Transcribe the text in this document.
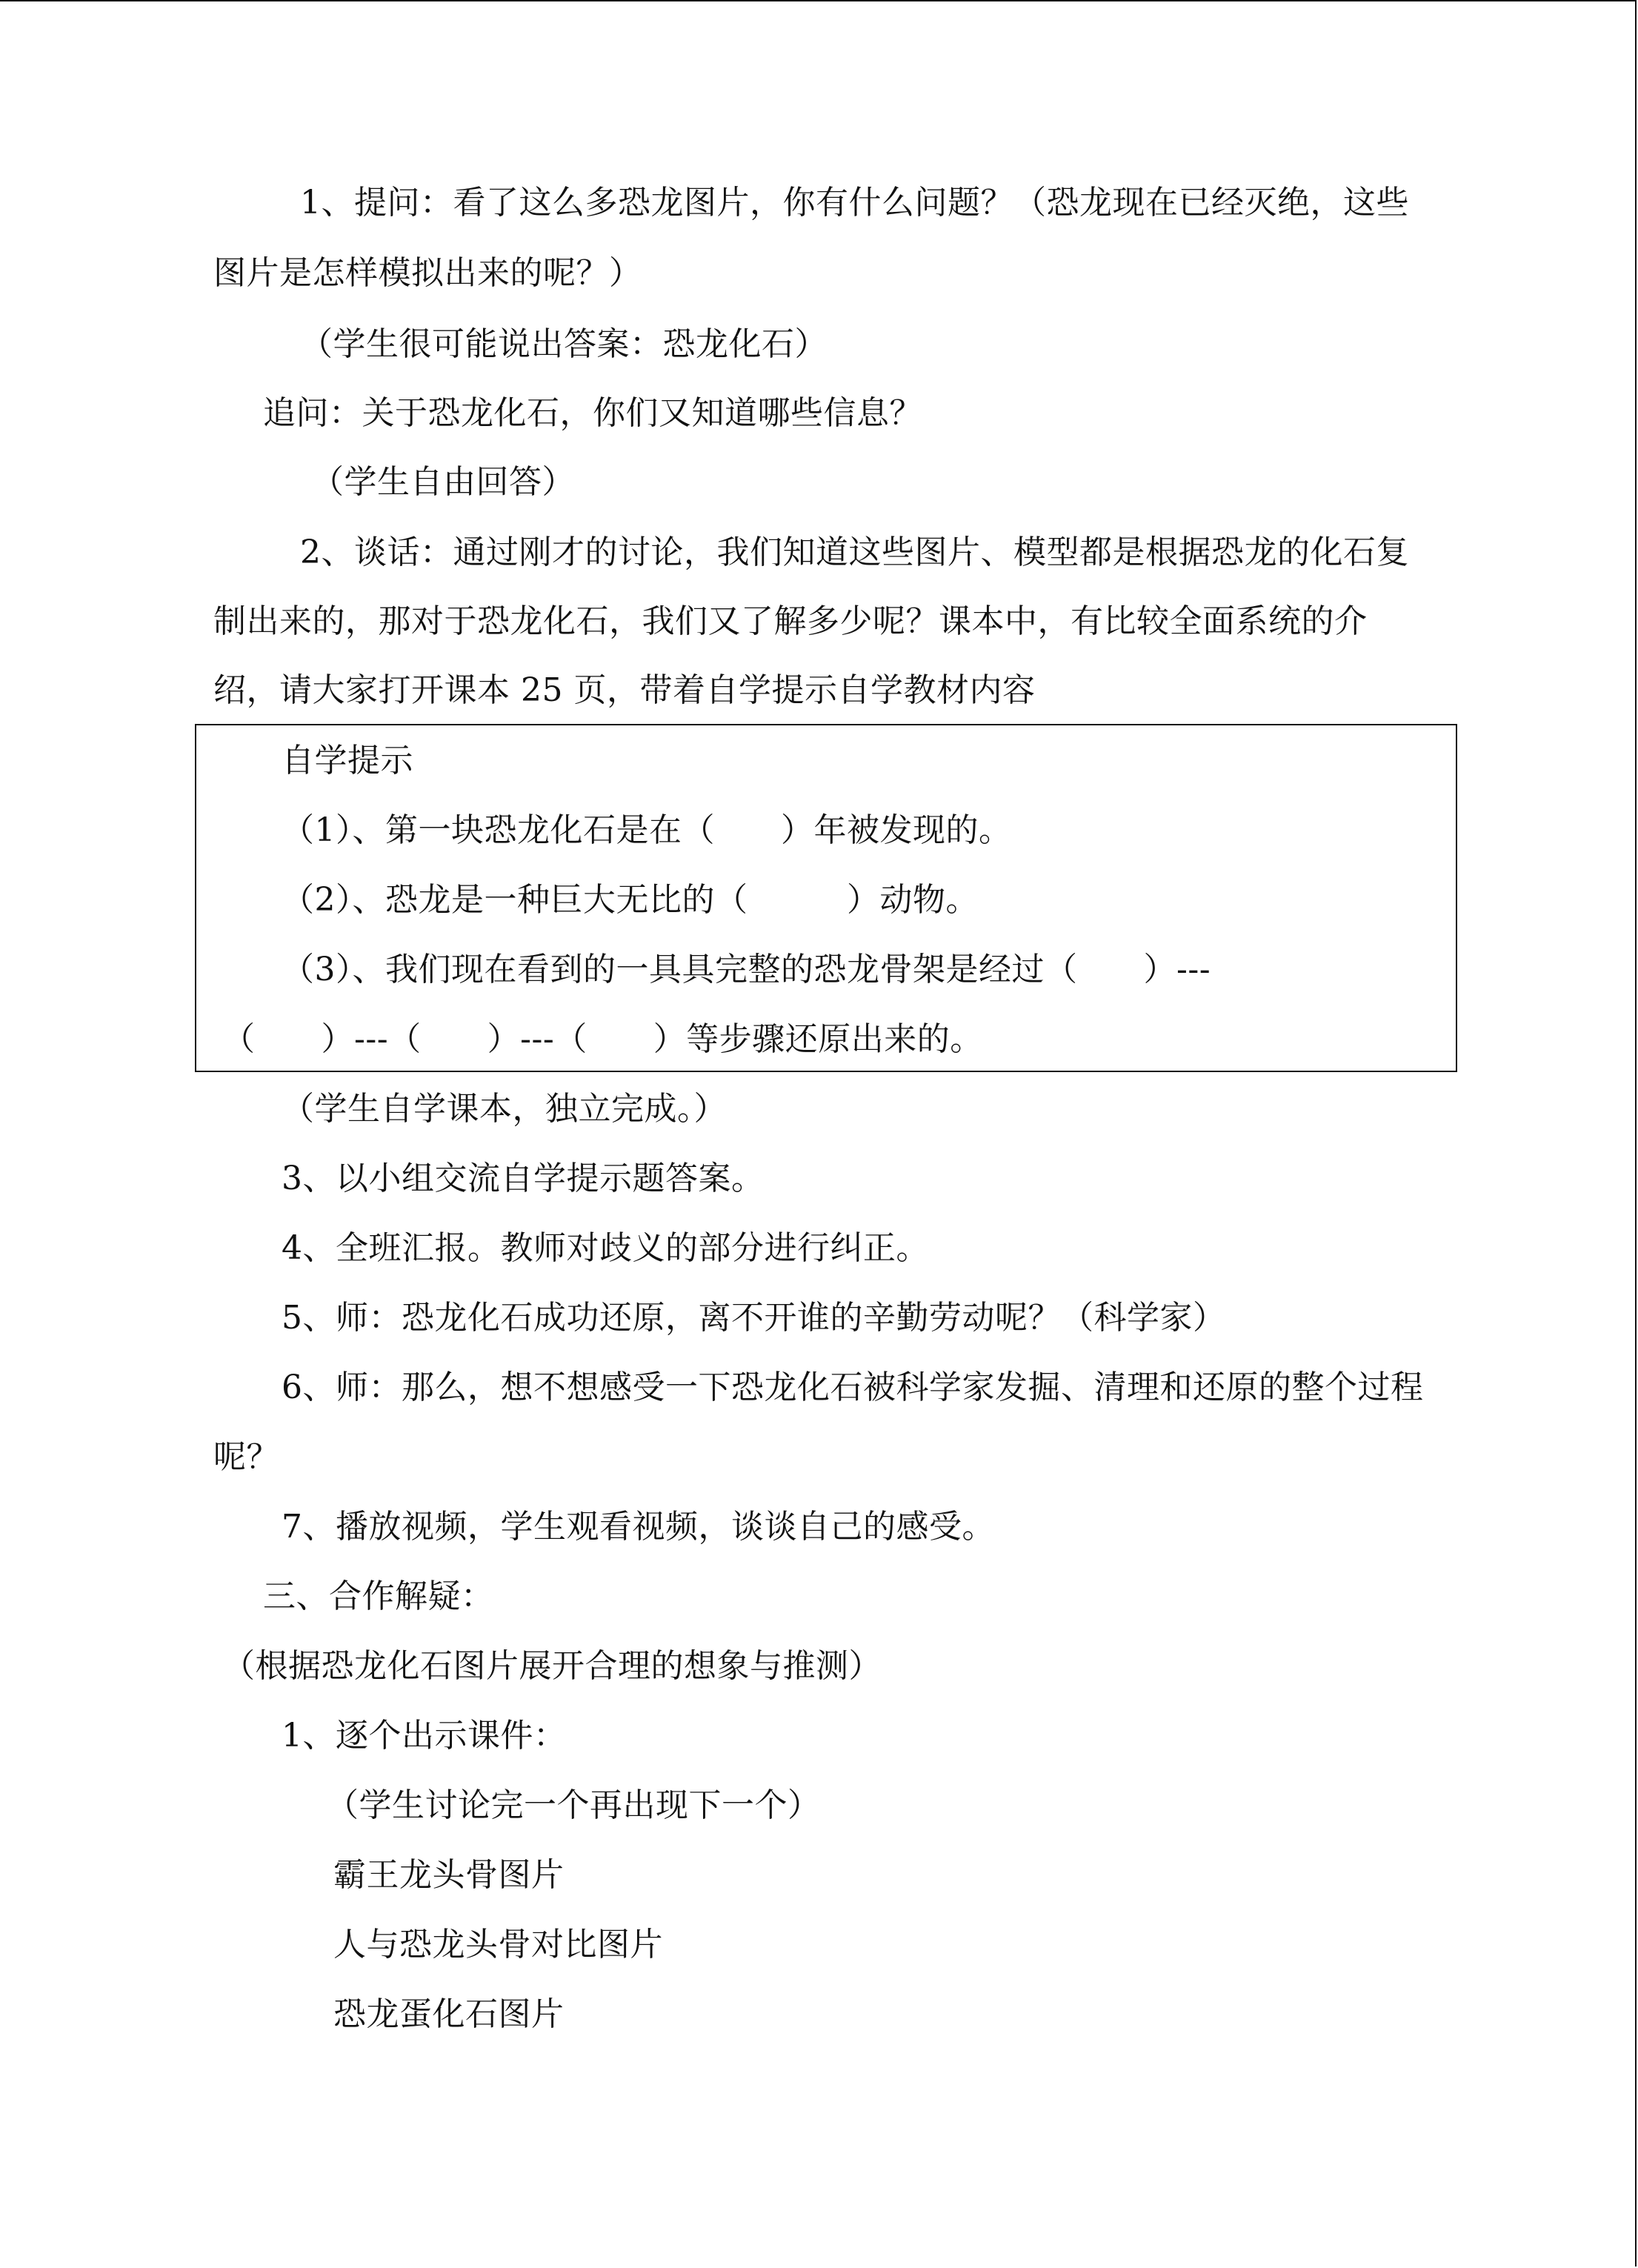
1、提问：看了这么多恐龙图片，你有什么问题？（恐龙现在已经灭绝，这些
图片是怎样模拟出来的呢？）
（学生很可能说出答案：恐龙化石）
追问：关于恐龙化石，你们又知道哪些信息？
（学生自由回答）
2、谈话：通过刚才的讨论，我们知道这些图片、模型都是根据恐龙的化石复
制出来的，那对于恐龙化石，我们又了解多少呢？课本中，有比较全面系统的介
绍，请大家打开课本 25 页，带着自学提示自学教材内容
自学提示
（1）、第一块恐龙化石是在（　　）年被发现的。
（2）、恐龙是一种巨大无比的（　　　）动物。
（3）、我们现在看到的一具具完整的恐龙骨架是经过（　　）---
（　　）---（　　）---（　　）等步骤还原出来的。
（学生自学课本，独立完成。）
3、以小组交流自学提示题答案。
4、全班汇报。教师对歧义的部分进行纠正。
5、师：恐龙化石成功还原，离不开谁的辛勤劳动呢？（科学家）
6、师：那么，想不想感受一下恐龙化石被科学家发掘、清理和还原的整个过程
呢？
7、播放视频，学生观看视频，谈谈自己的感受。
三、合作解疑：
（根据恐龙化石图片展开合理的想象与推测）
1、逐个出示课件：
（学生讨论完一个再出现下一个）
霸王龙头骨图片
人与恐龙头骨对比图片
恐龙蛋化石图片
